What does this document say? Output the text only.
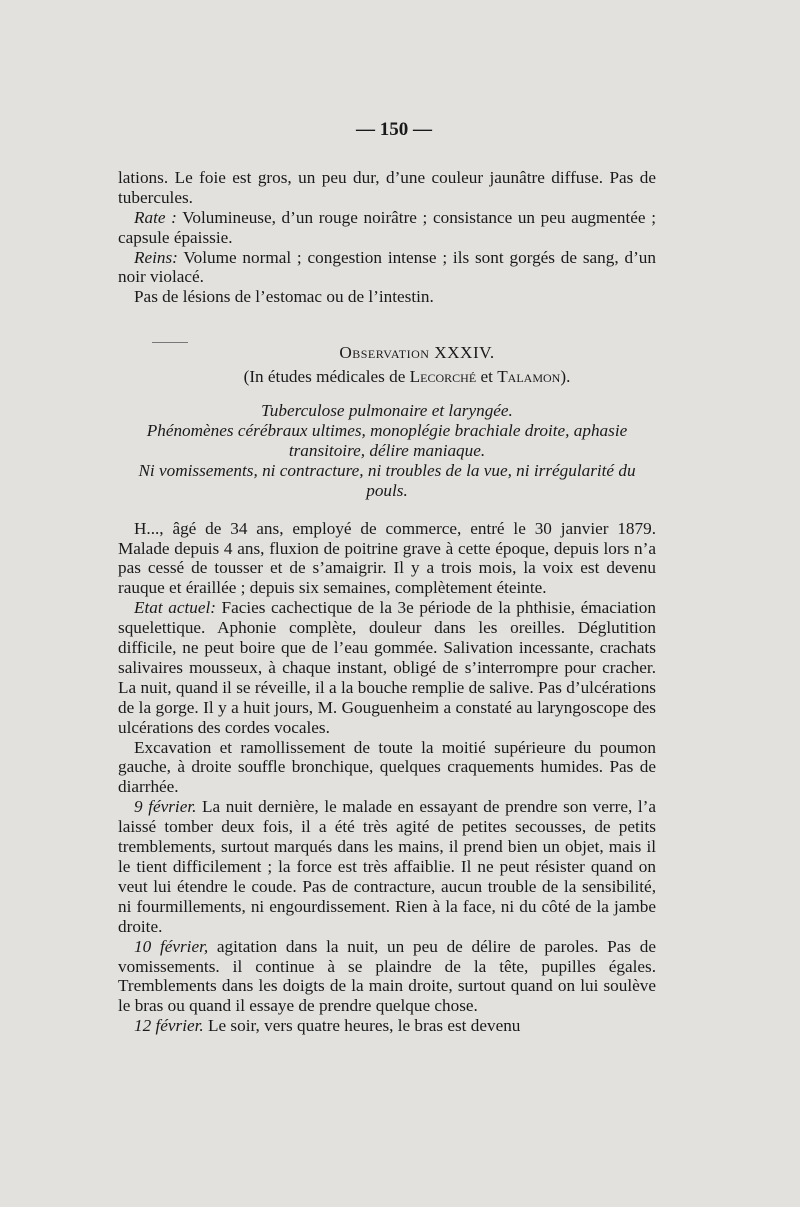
— 150 —

lations. Le foie est gros, un peu dur, d’une couleur jaunâtre diffuse. Pas de tubercules.

Rate : Volumineuse, d’un rouge noirâtre ; consistance un peu augmentée ; capsule épaissie.

Reins: Volume normal ; congestion intense ; ils sont gorgés de sang, d’un noir violacé.

Pas de lésions de l’estomac ou de l’intestin.

Observation XXXIV.
(In études médicales de Lecorché et Talamon).
Tuberculose pulmonaire et laryngée.
Phénomènes cérébraux ultimes, monoplégie brachiale droite, aphasie transitoire, délire maniaque.
Ni vomissements, ni contracture, ni troubles de la vue, ni irrégularité du pouls.

H..., âgé de 34 ans, employé de commerce, entré le 30 janvier 1879. Malade depuis 4 ans, fluxion de poitrine grave à cette époque, depuis lors n’a pas cessé de tousser et de s’amaigrir. Il y a trois mois, la voix est devenu rauque et éraillée ; depuis six semaines, complètement éteinte.

Etat actuel: Facies cachectique de la 3e période de la phthisie, émaciation squelettique. Aphonie complète, douleur dans les oreilles. Déglutition difficile, ne peut boire que de l’eau gommée. Salivation incessante, crachats salivaires mousseux, à chaque instant, obligé de s’interrompre pour cracher. La nuit, quand il se réveille, il a la bouche remplie de salive. Pas d’ulcérations de la gorge. Il y a huit jours, M. Gouguenheim a constaté au laryngoscope des ulcérations des cordes vocales.

Excavation et ramollissement de toute la moitié supérieure du poumon gauche, à droite souffle bronchique, quelques craquements humides. Pas de diarrhée.

9 février. La nuit dernière, le malade en essayant de prendre son verre, l’a laissé tomber deux fois, il a été très agité de petites secousses, de petits tremblements, surtout marqués dans les mains, il prend bien un objet, mais il le tient difficilement ; la force est très affaiblie. Il ne peut résister quand on veut lui étendre le coude. Pas de contracture, aucun trouble de la sensibilité, ni fourmillements, ni engourdissement. Rien à la face, ni du côté de la jambe droite.

10 février, agitation dans la nuit, un peu de délire de paroles. Pas de vomissements. il continue à se plaindre de la tête, pupilles égales. Tremblements dans les doigts de la main droite, surtout quand on lui soulève le bras ou quand il essaye de prendre quelque chose.

12 février. Le soir, vers quatre heures, le bras est devenu
